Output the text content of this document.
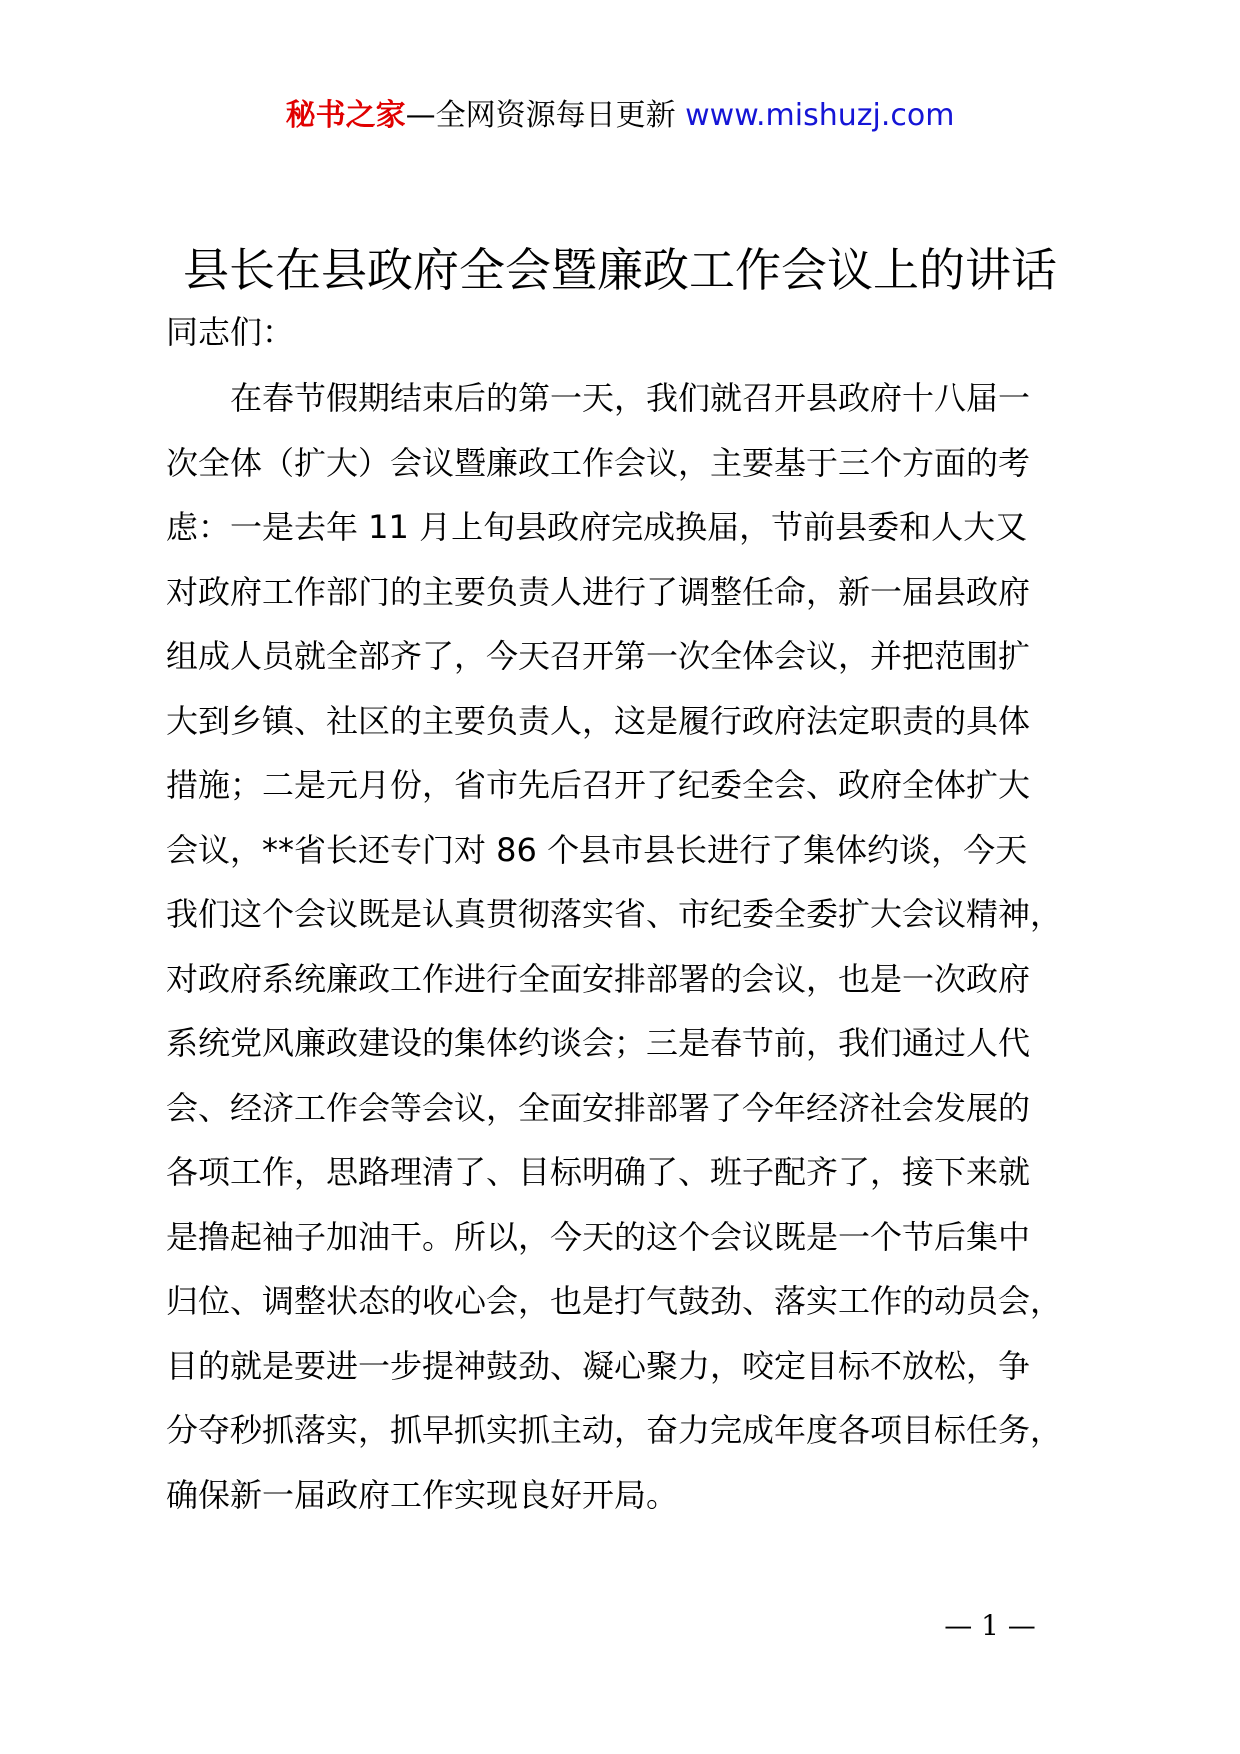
秘书之家—全网资源每日更新 www.mishuzj.com
县长在县政府全会暨廉政工作会议上的讲话
同志们：
在春节假期结束后的第一天，我们就召开县政府十八届一
次全体（扩大）会议暨廉政工作会议，主要基于三个方面的考
虑：一是去年 11 月上旬县政府完成换届，节前县委和人大又
对政府工作部门的主要负责人进行了调整任命，新一届县政府
组成人员就全部齐了，今天召开第一次全体会议，并把范围扩
大到乡镇、社区的主要负责人，这是履行政府法定职责的具体
措施；二是元月份，省市先后召开了纪委全会、政府全体扩大
会议，**省长还专门对 86 个县市县长进行了集体约谈，今天
我们这个会议既是认真贯彻落实省、市纪委全委扩大会议精神，
对政府系统廉政工作进行全面安排部署的会议，也是一次政府
系统党风廉政建设的集体约谈会；三是春节前，我们通过人代
会、经济工作会等会议，全面安排部署了今年经济社会发展的
各项工作，思路理清了、目标明确了、班子配齐了，接下来就
是撸起袖子加油干。所以，今天的这个会议既是一个节后集中
归位、调整状态的收心会，也是打气鼓劲、落实工作的动员会，
目的就是要进一步提神鼓劲、凝心聚力，咬定目标不放松，争
分夺秒抓落实，抓早抓实抓主动，奋力完成年度各项目标任务，
确保新一届政府工作实现良好开局。
— 1 —
